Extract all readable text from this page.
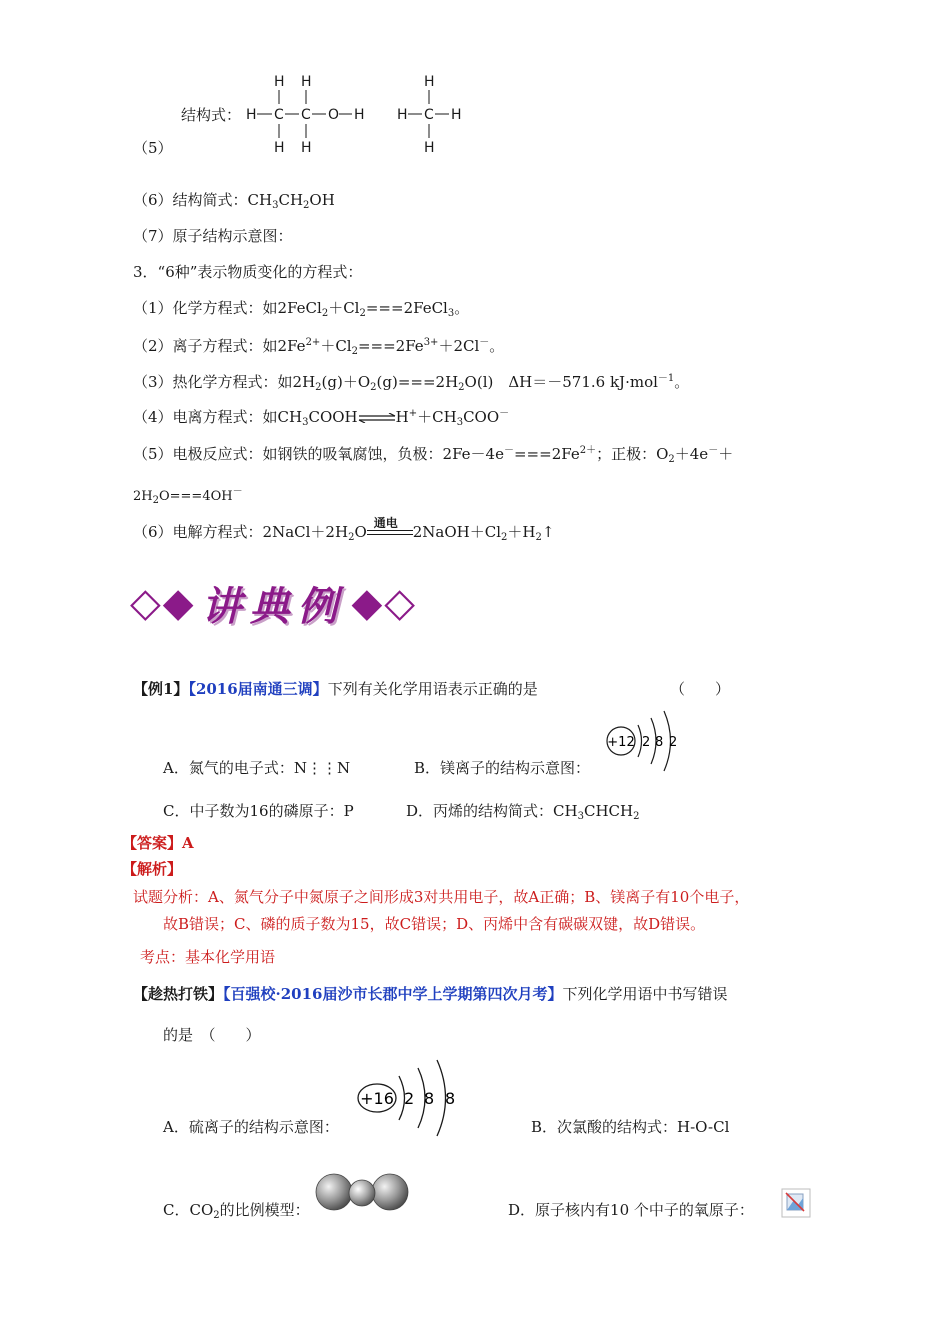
（5）
结构式：
H H
H C C O H
H H
H
H C H
H
（6）结构简式：$CH_3CH_2OH$
（7）原子结构示意图：
3．“6种”表示物质变化的方程式：
（1）化学方程式：如$2FeCl_2+Cl_2===2FeCl_3$。
（2）离子方程式：如$2Fe^{2+}+Cl_2===2Fe^{3+}+2Cl^-$。
（3）热化学方程式：如$2H_2(g)+O_2(g)===2H_2O(l)$　ΔH＝－571.6 kJ·mol$^{-1}$。
（4）电离方程式：如$CH_3COOH\rightleftharpoons H^++CH_3COO^-$
（5）电极反应式：如钢铁的吸氧腐蚀，负极：$2Fe-4e^-===2Fe^{2+}$；正极：$O_2+4e^-+$
$2H_2O===4OH^-$
（6）电解方程式：$2NaCl+2H_2O$ 通电 $2NaOH+Cl_2+H_2↑$
◇◆ 讲典例 ◆◇
【例1】【2016届南通三调】下列有关化学用语表示正确的是	（　　）
A．氮气的电子式：N⋮⋮N	B．镁离子的结构示意图：
+12 2 8 2
C．中子数为16的磷原子：P	D．丙烯的结构简式：$CH_3CHCH_2$
【答案】A
【解析】
试题分析：A、氮气分子中氮原子之间形成3对共用电子，故A正确；B、镁离子有10个电子，
故B错误；C、磷的质子数为15，故C错误；D、丙烯中含有碳碳双键，故D错误。
考点：基本化学用语
【趁热打铁】【百强校·2016届沙市长郡中学上学期第四次月考】下列化学用语中书写错误
的是　（　　）
A．硫离子的结构示意图：
+16 2 8 8
B．次氯酸的结构式：H-O-Cl
C．$CO_2$的比例模型：	D．原子核内有10 个中子的氧原子：
